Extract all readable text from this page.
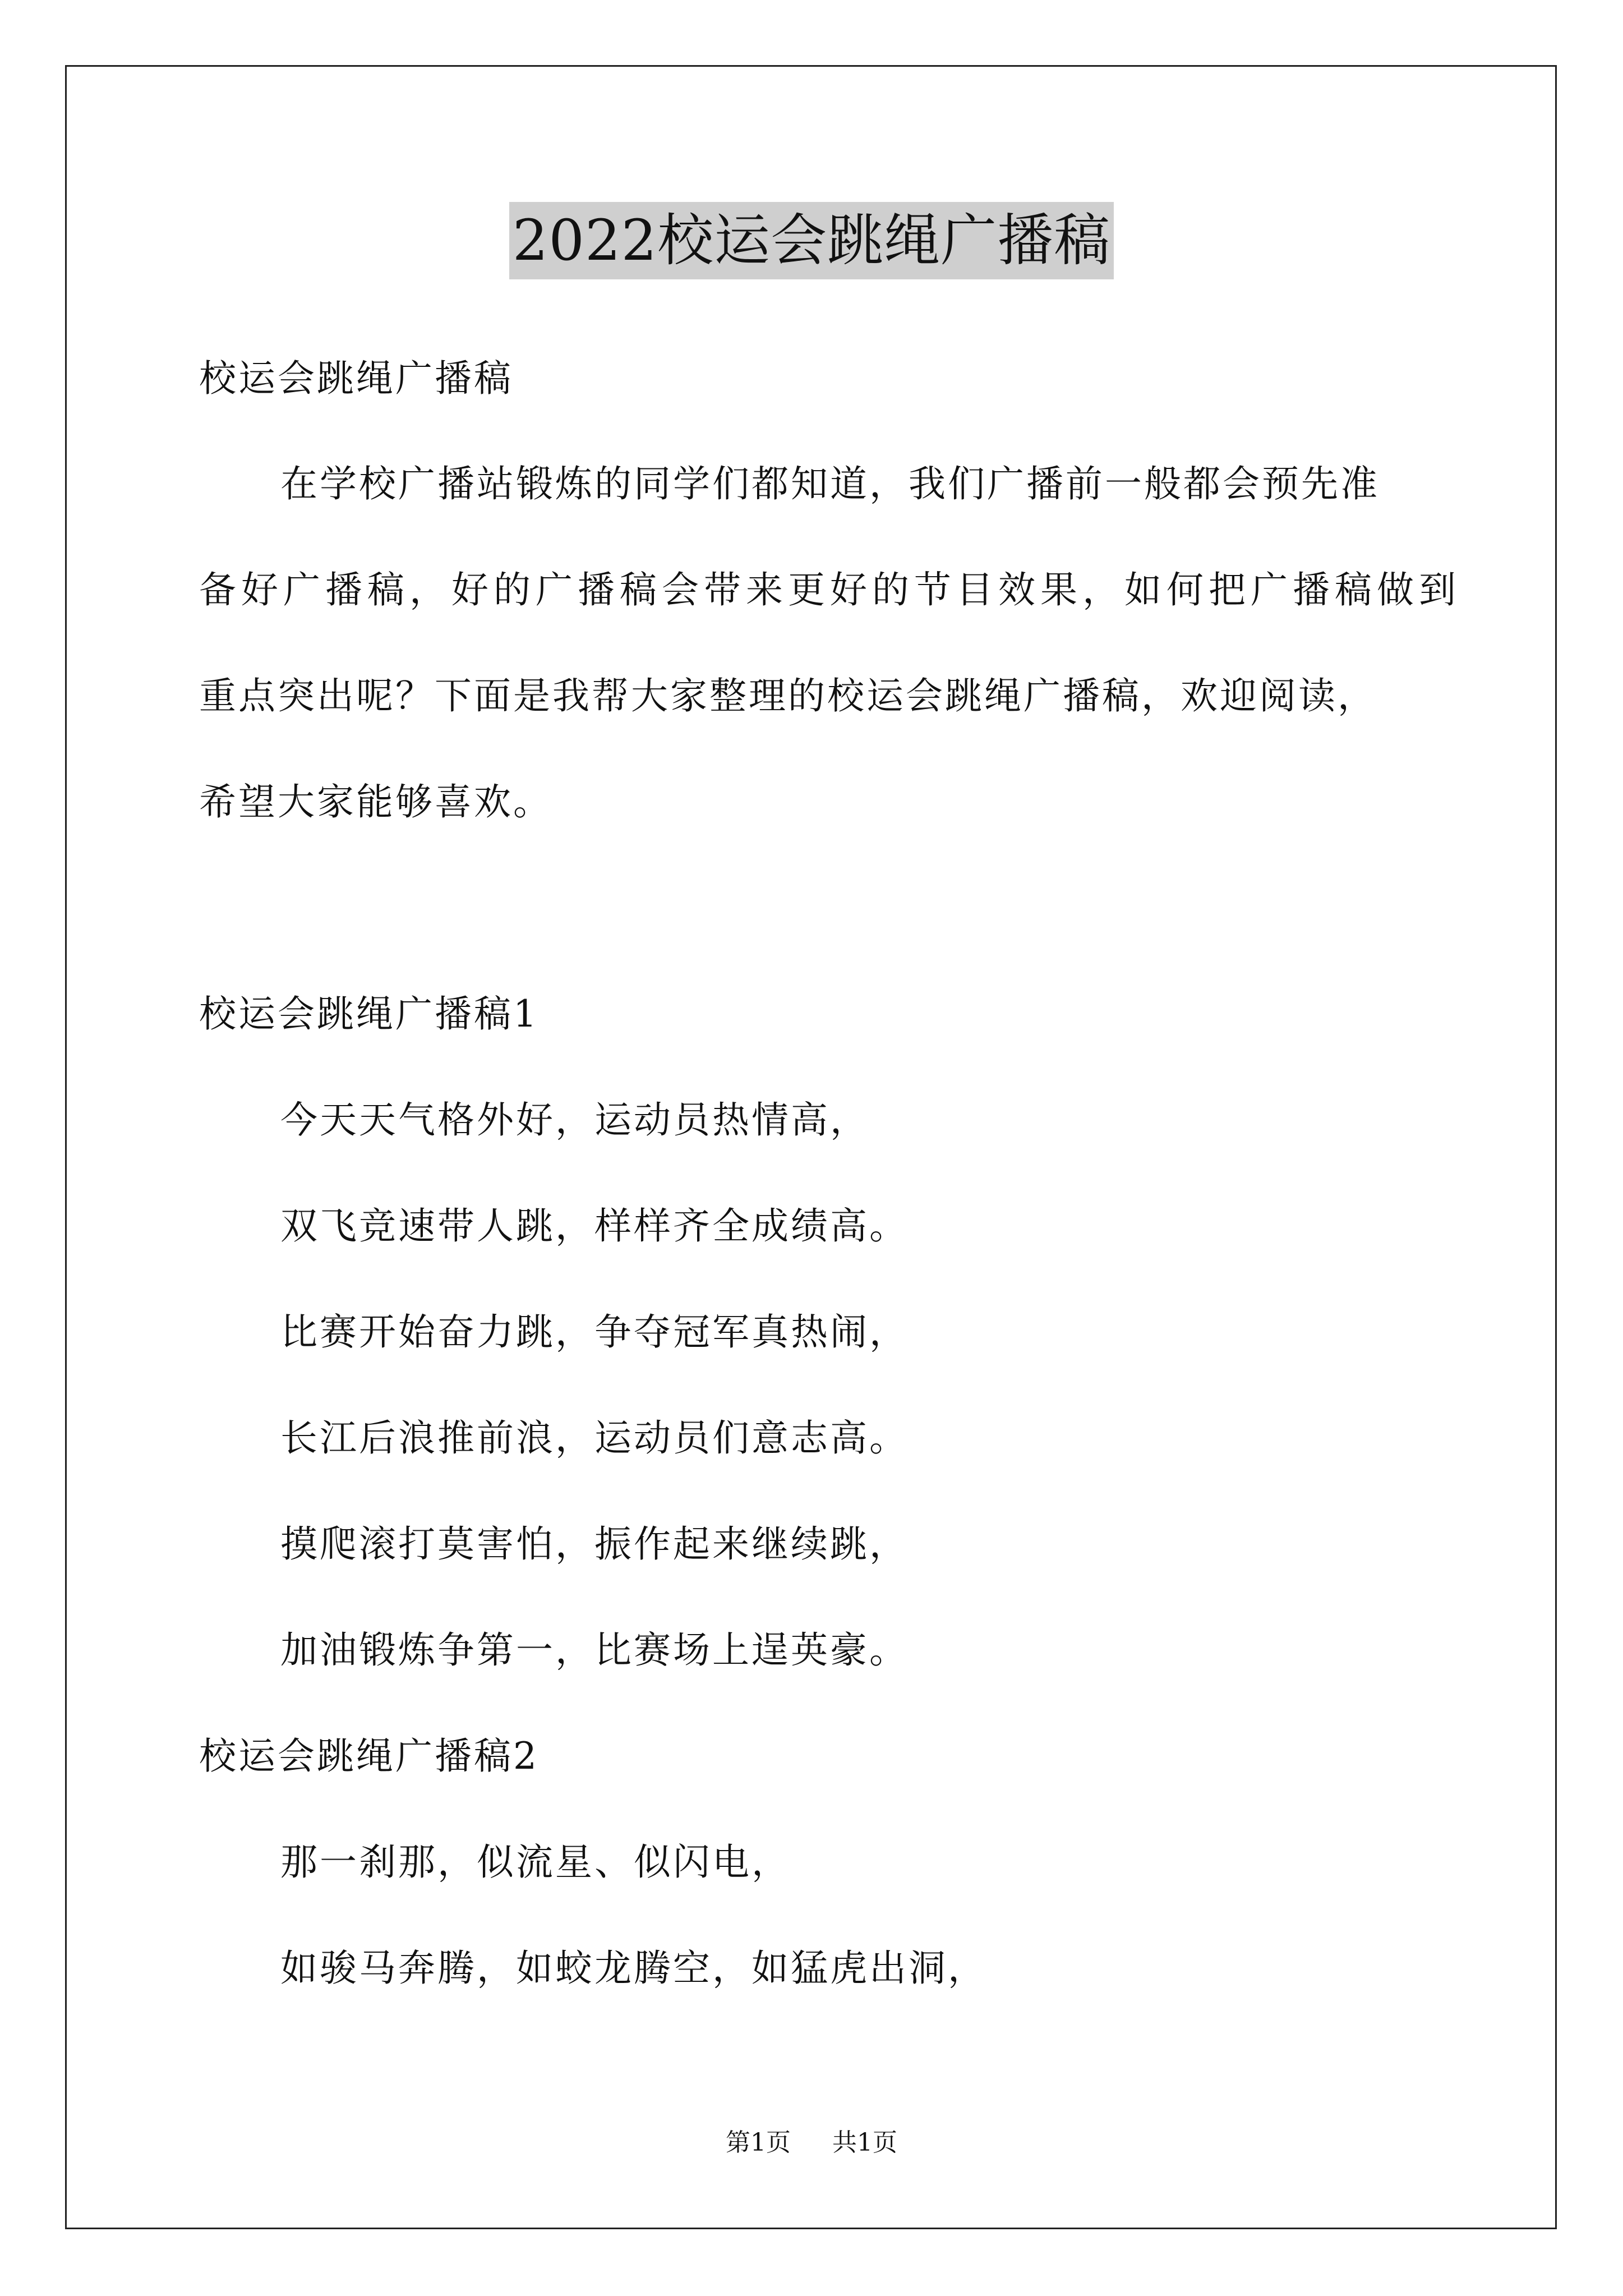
2022校运会跳绳广播稿
校运会跳绳广播稿
在学校广播站锻炼的同学们都知道，我们广播前一般都会预先准
备好广播稿，好的广播稿会带来更好的节目效果，如何把广播稿做到
重点突出呢？下面是我帮大家整理的校运会跳绳广播稿，欢迎阅读，
希望大家能够喜欢。
校运会跳绳广播稿1
今天天气格外好，运动员热情高，
双飞竞速带人跳，样样齐全成绩高。
比赛开始奋力跳，争夺冠军真热闹，
长江后浪推前浪，运动员们意志高。
摸爬滚打莫害怕，振作起来继续跳，
加油锻炼争第一，比赛场上逞英豪。
校运会跳绳广播稿2
那一刹那，似流星、似闪电，
如骏马奔腾，如蛟龙腾空，如猛虎出洞，
第1页 共1页
